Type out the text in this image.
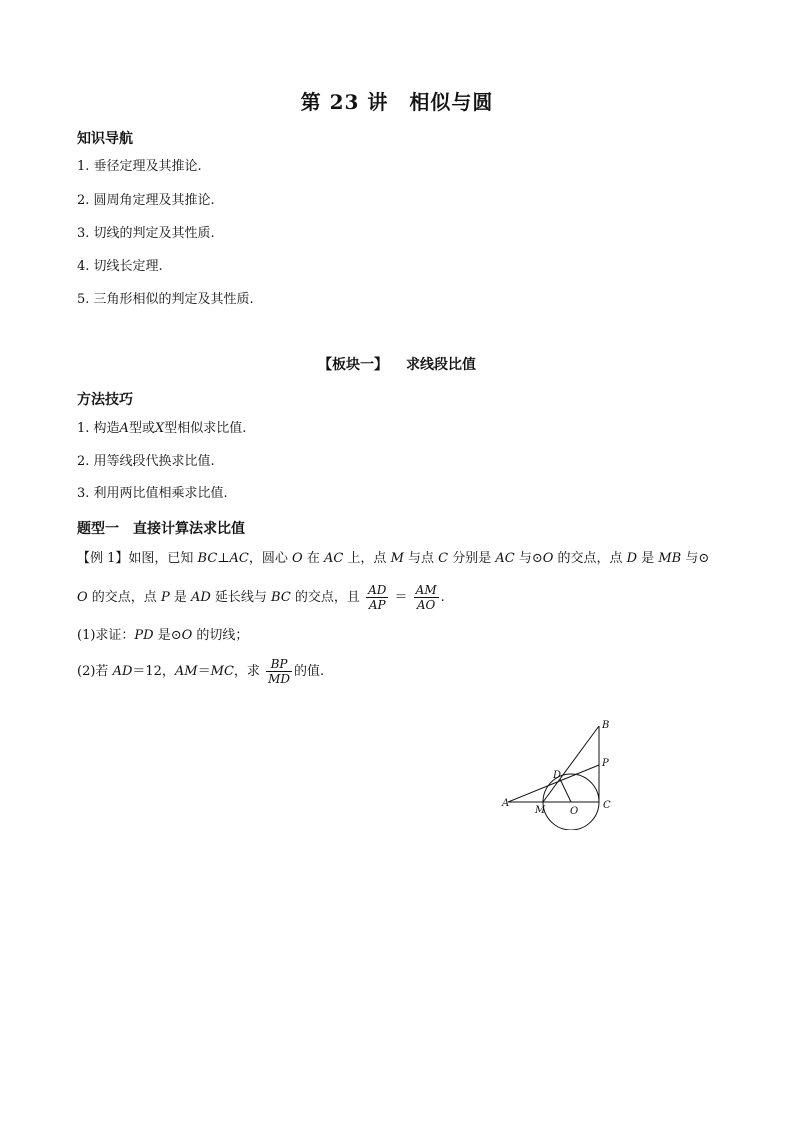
第 23 讲　相似与圆
知识导航
1. 垂径定理及其推论.
2. 圆周角定理及其推论.
3. 切线的判定及其性质.
4. 切线长定理.
5. 三角形相似的判定及其性质.
【板块一】 求线段比值
方法技巧
1. 构造A型或X型相似求比值.
2. 用等线段代换求比值.
3. 利用两比值相乘求比值.
题型一　直接计算法求比值
【例 1】如图，已知 BC⊥AC，圆心 O 在 AC 上，点 M 与点 C 分别是 AC 与⊙O 的交点，点 D 是 MB 与⊙
O 的交点，点 P 是 AD 延长线与 BC 的交点，且 $\frac{AD}{AP} = \frac{AM}{AO}$ .
(1)求证：PD 是⊙O 的切线；
(2)若 AD＝12，AM＝MC，求 $\frac{BP}{MD}$ 的值.
B
P
D
A
M O
C
